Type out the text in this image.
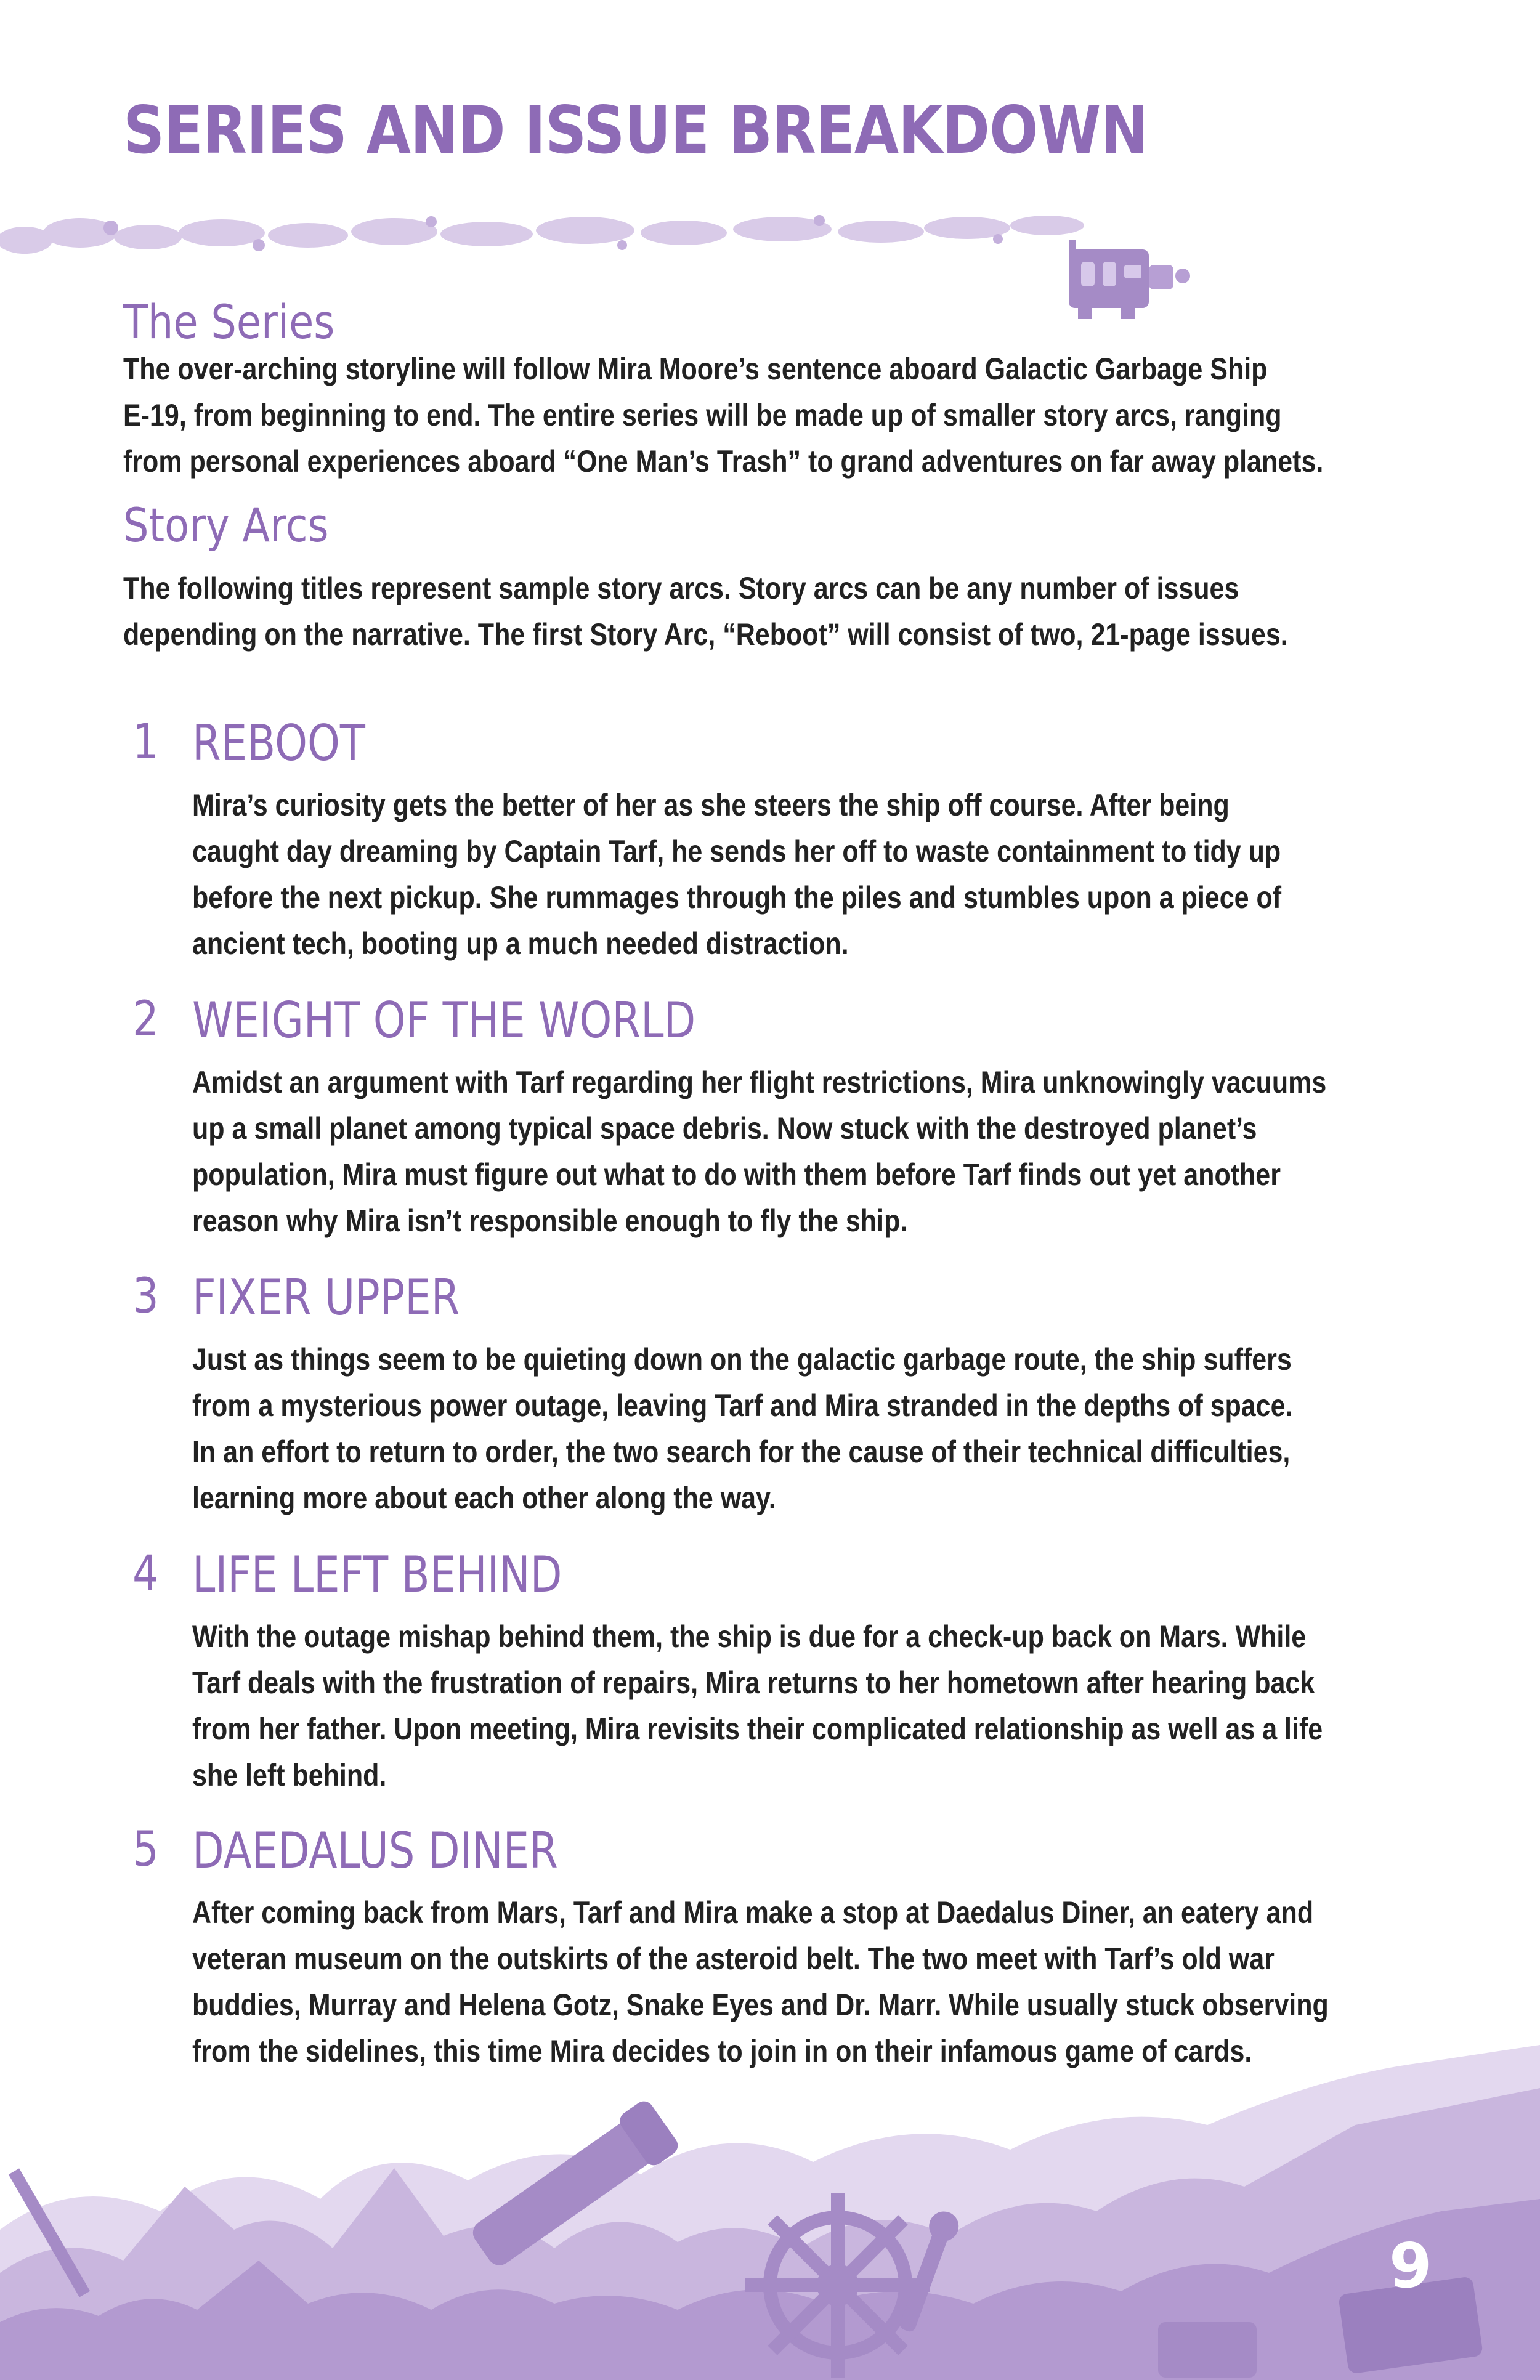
SERIES AND ISSUE BREAKDOWN
The Series

The over-arching storyline will follow Mira Moore’s sentence aboard Galactic Garbage Ship
E-19, from beginning to end. The entire series will be made up of smaller story arcs, ranging
from personal experiences aboard “One Man’s Trash” to grand adventures on far away planets.

Story Arcs

The following titles represent sample story arcs. Story arcs can be any number of issues
depending on the narrative. The first Story Arc, “Reboot” will consist of two, 21-page issues.

1 REBOOT

Mira’s curiosity gets the better of her as she steers the ship off course. After being
caught day dreaming by Captain Tarf, he sends her off to waste containment to tidy up
before the next pickup. She rummages through the piles and stumbles upon a piece of
ancient tech, booting up a much needed distraction.

2 WEIGHT OF THE WORLD

Amidst an argument with Tarf regarding her flight restrictions, Mira unknowingly vacuums
up a small planet among typical space debris. Now stuck with the destroyed planet’s
population, Mira must figure out what to do with them before Tarf finds out yet another
reason why Mira isn’t responsible enough to fly the ship.

3 FIXER UPPER

Just as things seem to be quieting down on the galactic garbage route, the ship suffers
from a mysterious power outage, leaving Tarf and Mira stranded in the depths of space.
In an effort to return to order, the two search for the cause of their technical difficulties,
learning more about each other along the way.

4 LIFE LEFT BEHIND

With the outage mishap behind them, the ship is due for a check-up back on Mars. While
Tarf deals with the frustration of repairs, Mira returns to her hometown after hearing back
from her father. Upon meeting, Mira revisits their complicated relationship as well as a life
she left behind.

5 DAEDALUS DINER

After coming back from Mars, Tarf and Mira make a stop at Daedalus Diner, an eatery and
veteran museum on the outskirts of the asteroid belt. The two meet with Tarf’s old war
buddies, Murray and Helena Gotz, Snake Eyes and Dr. Marr. While usually stuck observing
from the sidelines, this time Mira decides to join in on their infamous game of cards.

9
